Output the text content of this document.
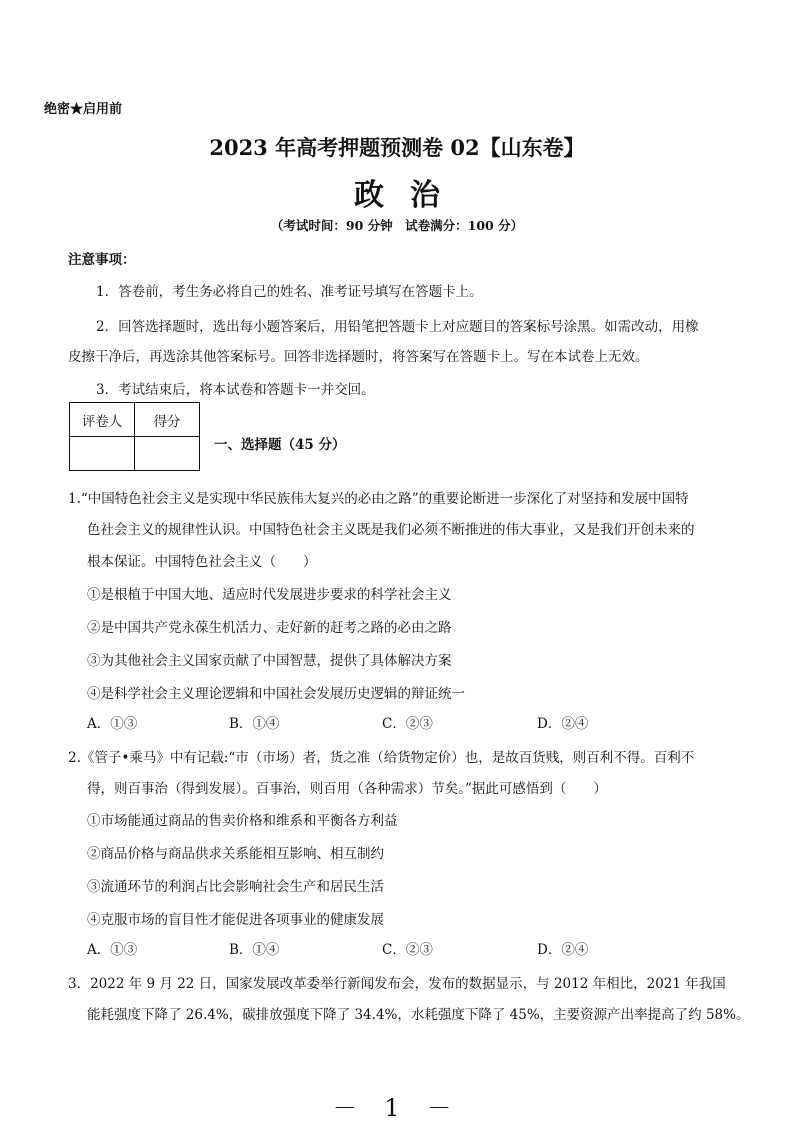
绝密★启用前
2023 年高考押题预测卷 02【山东卷】
政治
（考试时间：90 分钟　试卷满分：100 分）
注意事项：
1．答卷前，考生务必将自己的姓名、准考证号填写在答题卡上。
2．回答选择题时，选出每小题答案后，用铅笔把答题卡上对应题目的答案标号涂黑。如需改动，用橡
皮擦干净后，再选涂其他答案标号。回答非选择题时，将答案写在答题卡上。写在本试卷上无效。
3．考试结束后，将本试卷和答题卡一并交回。
评卷人	得分

一、选择题（45 分）
1.“中国特色社会主义是实现中华民族伟大复兴的必由之路”的重要论断进一步深化了对坚持和发展中国特
色社会主义的规律性认识。中国特色社会主义既是我们必须不断推进的伟大事业，又是我们开创未来的
根本保证。中国特色社会主义（　　）
①是根植于中国大地、适应时代发展进步要求的科学社会主义
②是中国共产党永葆生机活力、走好新的赶考之路的必由之路
③为其他社会主义国家贡献了中国智慧，提供了具体解决方案
④是科学社会主义理论逻辑和中国社会发展历史逻辑的辩证统一
A．①③	B．①④	C．②③	D．②④
2.《管子•乘马》中有记载:“市（市场）者，货之准（给货物定价）也，是故百货贱，则百利不得。百利不
得，则百事治（得到发展）。百事治，则百用（各种需求）节矣。”据此可感悟到（　　）
①市场能通过商品的售卖价格和维系和平衡各方利益
②商品价格与商品供求关系能相互影响、相互制约
③流通环节的利润占比会影响社会生产和居民生活
④克服市场的盲目性才能促进各项事业的健康发展
A．①③	B．①④	C．②③	D．②④
3．2022 年 9 月 22 日，国家发展改革委举行新闻发布会，发布的数据显示，与 2012 年相比，2021 年我国
能耗强度下降了 26.4%，碳排放强度下降了 34.4%，水耗强度下降了 45%，主要资源产出率提高了约 58%。
－ 1 －
